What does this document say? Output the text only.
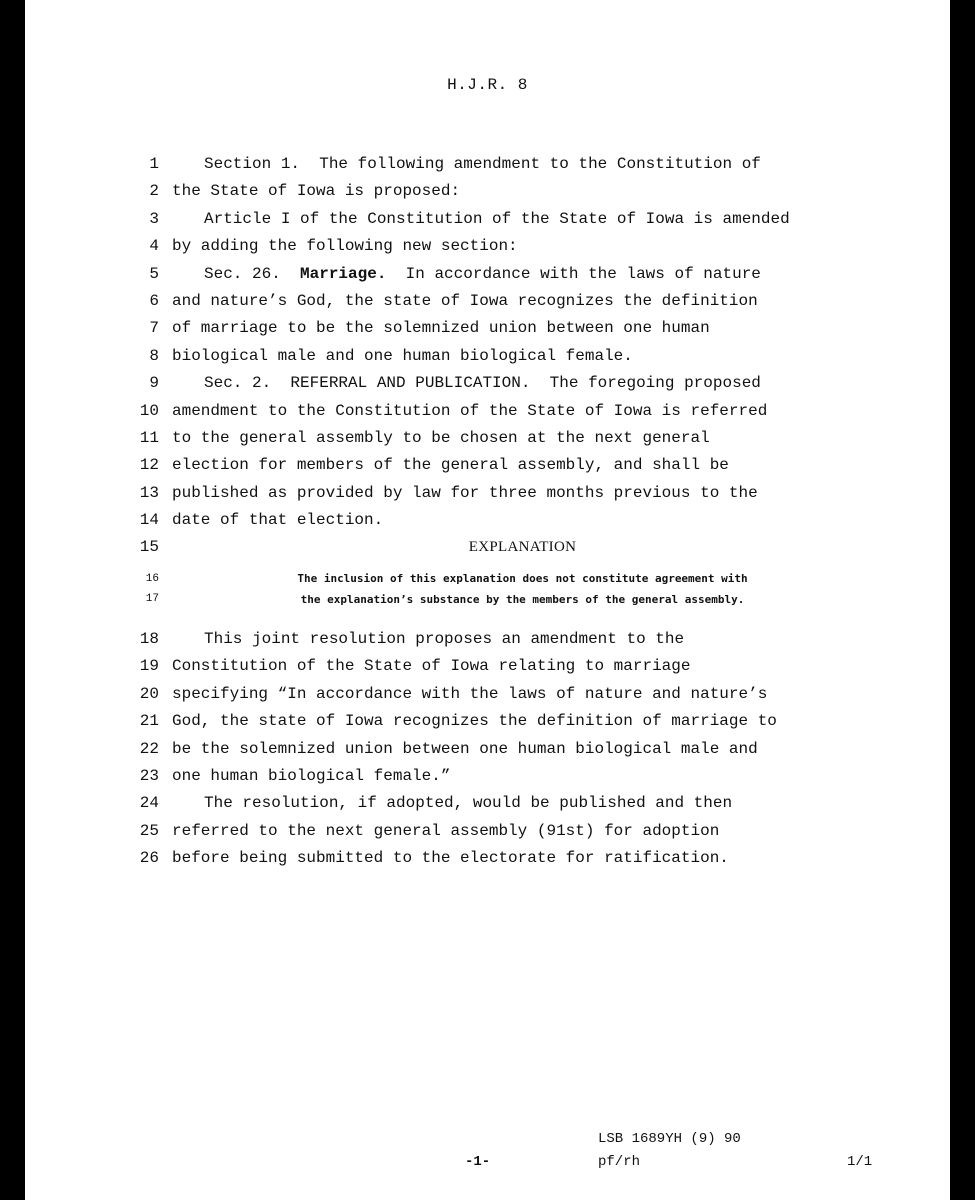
H.J.R. 8
1	Section 1.  The following amendment to the Constitution of
2 the State of Iowa is proposed:
3	Article I of the Constitution of the State of Iowa is amended
4 by adding the following new section:
5	Sec. 26.  Marriage.  In accordance with the laws of nature
6 and nature’s God, the state of Iowa recognizes the definition
7 of marriage to be the solemnized union between one human
8 biological male and one human biological female.
9	Sec. 2.  REFERRAL AND PUBLICATION.  The foregoing proposed
10 amendment to the Constitution of the State of Iowa is referred
11 to the general assembly to be chosen at the next general
12 election for members of the general assembly, and shall be
13 published as provided by law for three months previous to the
14 date of that election.
15	EXPLANATION
16	The inclusion of this explanation does not constitute agreement with
17	the explanation’s substance by the members of the general assembly.
18	This joint resolution proposes an amendment to the
19 Constitution of the State of Iowa relating to marriage
20 specifying “In accordance with the laws of nature and nature’s
21 God, the state of Iowa recognizes the definition of marriage to
22 be the solemnized union between one human biological male and
23 one human biological female.”
24	The resolution, if adopted, would be published and then
25 referred to the next general assembly (91st) for adoption
26 before being submitted to the electorate for ratification.
LSB 1689YH (9) 90
-1-	pf/rh	1/1
